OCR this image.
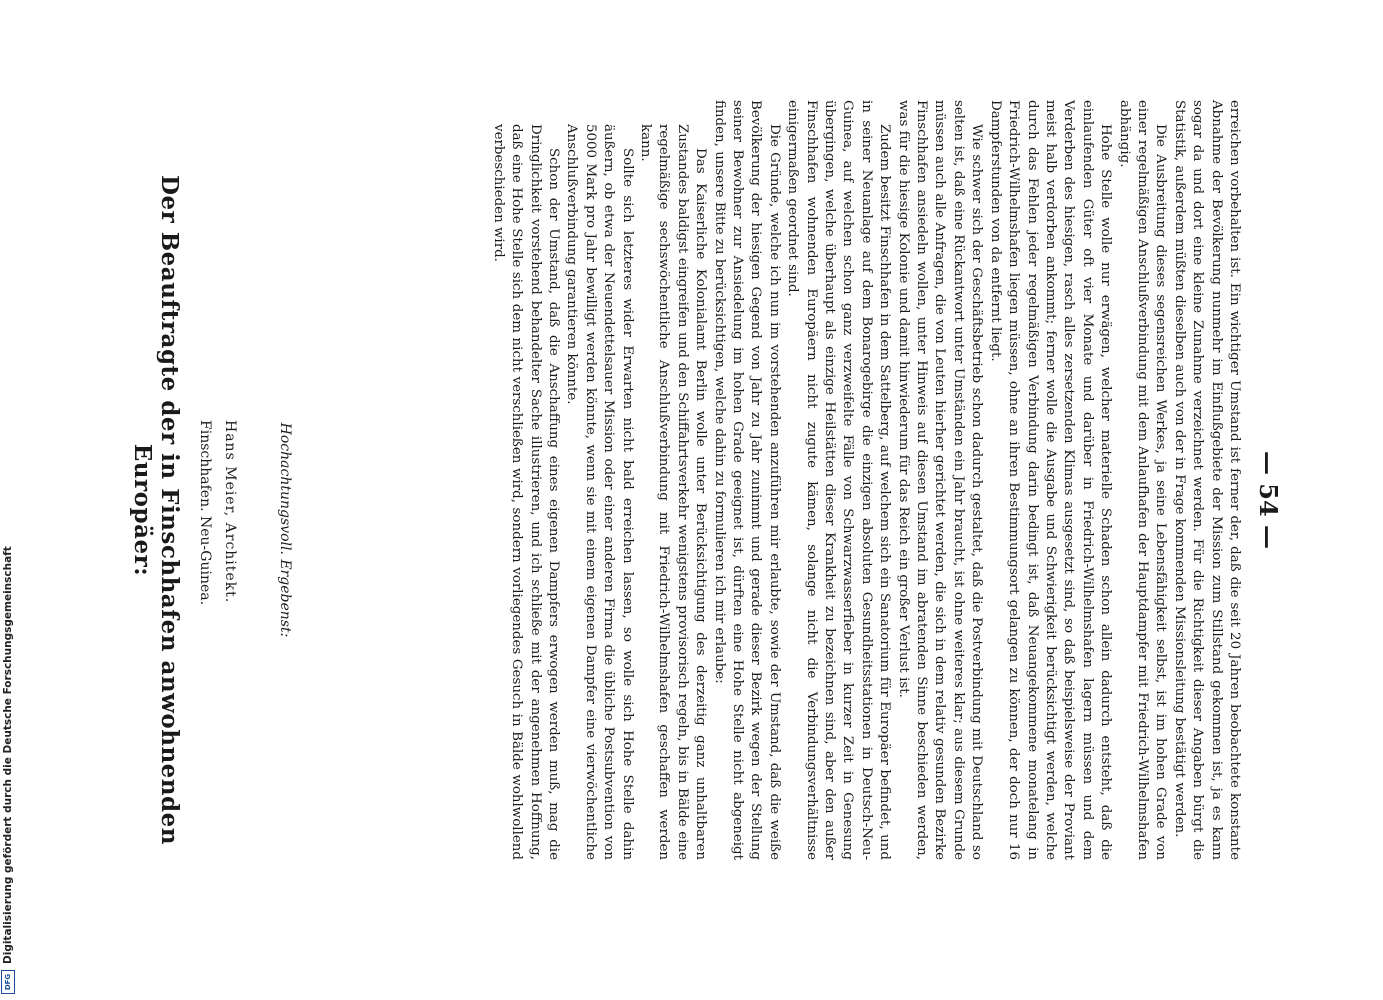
— 54 —

erreichen vorbehalten ist. Ein wichtiger Umstand ist ferner der, daß die seit 20 Jahren beobachtete konstante Abnahme der Bevölkerung nunmehr im Einflußgebiete der Mission zum Stillstand gekommen ist, ja es kann sogar da und dort eine kleine Zunahme verzeichnet werden. Für die Richtigkeit dieser Angaben bürgt die Statistik, außerdem müßten dieselben auch von der in Frage kommenden Missionsleitung bestätigt werden.

Die Ausbreitung dieses segensreichen Werkes, ja seine Lebensfähigkeit selbst, ist im hohen Grade von einer regelmäßigen Anschlußverbindung mit dem Anlaufhafen der Hauptdampfer mit Friedrich-Wilhelmshafen abhängig.

Hohe Stelle wolle nur erwägen, welcher materielle Schaden schon allein dadurch entsteht, daß die einlaufenden Güter oft vier Monate und darüber in Friedrich-Wilhelmshafen lagern müssen und dem Verderben des hiesigen, rasch alles zersetzenden Klimas ausgesetzt sind, so daß beispielsweise der Proviant meist halb verdorben ankommt; ferner wolle die Ausgabe und Schwierigkeit berücksichtigt werden, welche durch das Fehlen jeder regelmäßigen Verbindung darin bedingt ist, daß Neuangekommene monatelang in Friedrich-Wilhelmshafen liegen müssen, ohne an ihren Bestimmungsort gelangen zu können, der doch nur 16 Dampferstunden von da entfernt liegt.

Wie schwer sich der Geschäftsbetrieb schon dadurch gestaltet, daß die Postverbindung mit Deutschland so selten ist, daß eine Rückantwort unter Umständen ein Jahr braucht, ist ohne weiteres klar; aus diesem Grunde müssen auch alle Anfragen, die von Leuten hierher gerichtet werden, die sich in dem relativ gesunden Bezirke Finschhafen ansiedeln wollen, unter Hinweis auf diesen Umstand im abratenden Sinne beschieden werden, was für die hiesige Kolonie und damit hinwiederum für das Reich ein großer Verlust ist.

Zudem besitzt Finschhafen in dem Sattelberg, auf welchem sich ein Sanatorium für Europäer befindet, und in seiner Neuanlage auf dem Bonarogebirge die einzigen absoluten Gesundheitsstationen in Deutsch-Neu-Guinea, auf welchen schon ganz verzweifelte Fälle von Schwarzwasserfieber in kurzer Zeit in Genesung übergingen, welche überhaupt als einzige Heilstätten dieser Krankheit zu bezeichnen sind, aber den außer Finschhafen wohnenden Europäern nicht zugute kämen, solange nicht die Verbindungsverhältnisse einigermaßen geordnet sind.

Die Gründe, welche ich nun im vorstehenden anzuführen mir erlaubte, sowie der Umstand, daß die weiße Bevölkerung der hiesigen Gegend von Jahr zu Jahr zunimmt und gerade dieser Bezirk wegen der Stellung seiner Bewohner zur Ansiedelung im hohen Grade geeignet ist, dürften eine Hohe Stelle nicht abgeneigt finden, unsere Bitte zu berücksichtigen, welche dahin zu formulieren ich mir erlaube:

Das Kaiserliche Kolonialamt Berlin wolle unter Berücksichtigung des derzeitig ganz unhaltbaren Zustandes baldigst eingreifen und den Schiffahrtsverkehr wenigstens provisorisch regeln, bis in Bälde eine regelmäßige sechswöchentliche Anschlußverbindung mit Friedrich-Wilhelmshafen geschaffen werden kann.

Sollte sich letzteres wider Erwarten nicht bald erreichen lassen, so wolle sich Hohe Stelle dahin äußern, ob etwa der Neuendettelsauer Mission oder einer anderen Firma die übliche Postsubvention von 5000 Mark pro Jahr bewilligt werden könnte, wenn sie mit einem eigenen Dampfer eine vierwöchentliche Anschlußverbindung garantieren könnte.

Schon der Umstand, daß die Anschaffung eines eigenen Dampfers erwogen werden muß, mag die Dringlichkeit vorstehend behandelter Sache illustrieren, und ich schließe mit der angenehmen Hoffnung, daß eine Hohe Stelle sich dem nicht verschließen wird, sondern vorliegendes Gesuch in Bälde wohlwollend verbeschieden wird.

Hochachtungsvoll. Ergebenst:
Hans Meier, Architekt.
Finschhafen. Neu-Guinea.
Der Beauftragte der in Finschhafen anwohnenden Europäer:
DFG
Digitalisierung gefördert durch die Deutsche Forschungsgemeinschaft
